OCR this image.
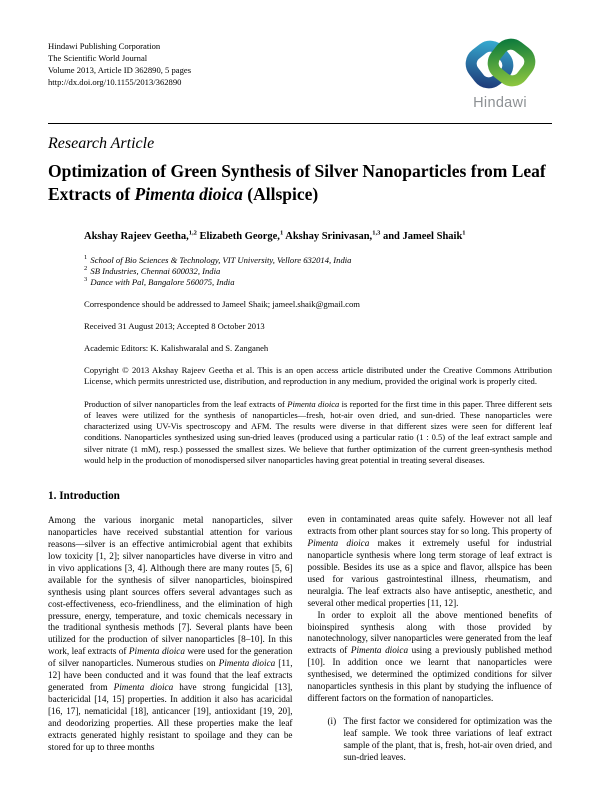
Hindawi Publishing Corporation
The Scientific World Journal
Volume 2013, Article ID 362890, 5 pages
http://dx.doi.org/10.1155/2013/362890
Hindawi
Research Article
Optimization of Green Synthesis of Silver Nanoparticles from Leaf Extracts of Pimenta dioica (Allspice)
Akshay Rajeev Geetha,$^{1,2}$ Elizabeth George,$^1$ Akshay Srinivasan,$^{1,3}$ and Jameel Shaik$^1$
$^1$ School of Bio Sciences & Technology, VIT University, Vellore 632014, India
$^2$ SB Industries, Chennai 600032, India
$^3$ Dance with Pal, Bangalore 560075, India
Correspondence should be addressed to Jameel Shaik; jameel.shaik@gmail.com
Received 31 August 2013; Accepted 8 October 2013
Academic Editors: K. Kalishwaralal and S. Zanganeh
Copyright © 2013 Akshay Rajeev Geetha et al. This is an open access article distributed under the Creative Commons Attribution License, which permits unrestricted use, distribution, and reproduction in any medium, provided the original work is properly cited.
Production of silver nanoparticles from the leaf extracts of Pimenta dioica is reported for the first time in this paper. Three different sets of leaves were utilized for the synthesis of nanoparticles—fresh, hot-air oven dried, and sun-dried. These nanoparticles were characterized using UV-Vis spectroscopy and AFM. The results were diverse in that different sizes were seen for different leaf conditions. Nanoparticles synthesized using sun-dried leaves (produced using a particular ratio (1 : 0.5) of the leaf extract sample and silver nitrate (1 mM), resp.) possessed the smallest sizes. We believe that further optimization of the current green-synthesis method would help in the production of monodispersed silver nanoparticles having great potential in treating several diseases.
1. Introduction

Among the various inorganic metal nanoparticles, silver nanoparticles have received substantial attention for various reasons—silver is an effective antimicrobial agent that exhibits low toxicity [1, 2]; silver nanoparticles have diverse in vitro and in vivo applications [3, 4]. Although there are many routes [5, 6] available for the synthesis of silver nanoparticles, bioinspired synthesis using plant sources offers several advantages such as cost-effectiveness, eco-friendliness, and the elimination of high pressure, energy, temperature, and toxic chemicals necessary in the traditional synthesis methods [7]. Several plants have been utilized for the production of silver nanoparticles [8–10]. In this work, leaf extracts of Pimenta dioica were used for the generation of silver nanoparticles. Numerous studies on Pimenta dioica [11, 12] have been conducted and it was found that the leaf extracts generated from Pimenta dioica have strong fungicidal [13], bactericidal [14, 15] properties. In addition it also has acaricidal [16, 17], nematicidal [18], anticancer [19], antioxidant [19, 20], and deodorizing properties. All these properties make the leaf extracts generated highly resistant to spoilage and they can be stored for up to three months

even in contaminated areas quite safely. However not all leaf extracts from other plant sources stay for so long. This property of Pimenta dioica makes it extremely useful for industrial nanoparticle synthesis where long term storage of leaf extract is possible. Besides its use as a spice and flavor, allspice has been used for various gastrointestinal illness, rheumatism, and neuralgia. The leaf extracts also have antiseptic, anesthetic, and several other medical properties [11, 12].

In order to exploit all the above mentioned benefits of bioinspired synthesis along with those provided by nanotechnology, silver nanoparticles were generated from the leaf extracts of Pimenta dioica using a previously published method [10]. In addition once we learnt that nanoparticles were synthesised, we determined the optimized conditions for silver nanoparticles synthesis in this plant by studying the influence of different factors on the formation of nanoparticles.

(i) The first factor we considered for optimization was the leaf sample. We took three variations of leaf extract sample of the plant, that is, fresh, hot-air oven dried, and sun-dried leaves.
